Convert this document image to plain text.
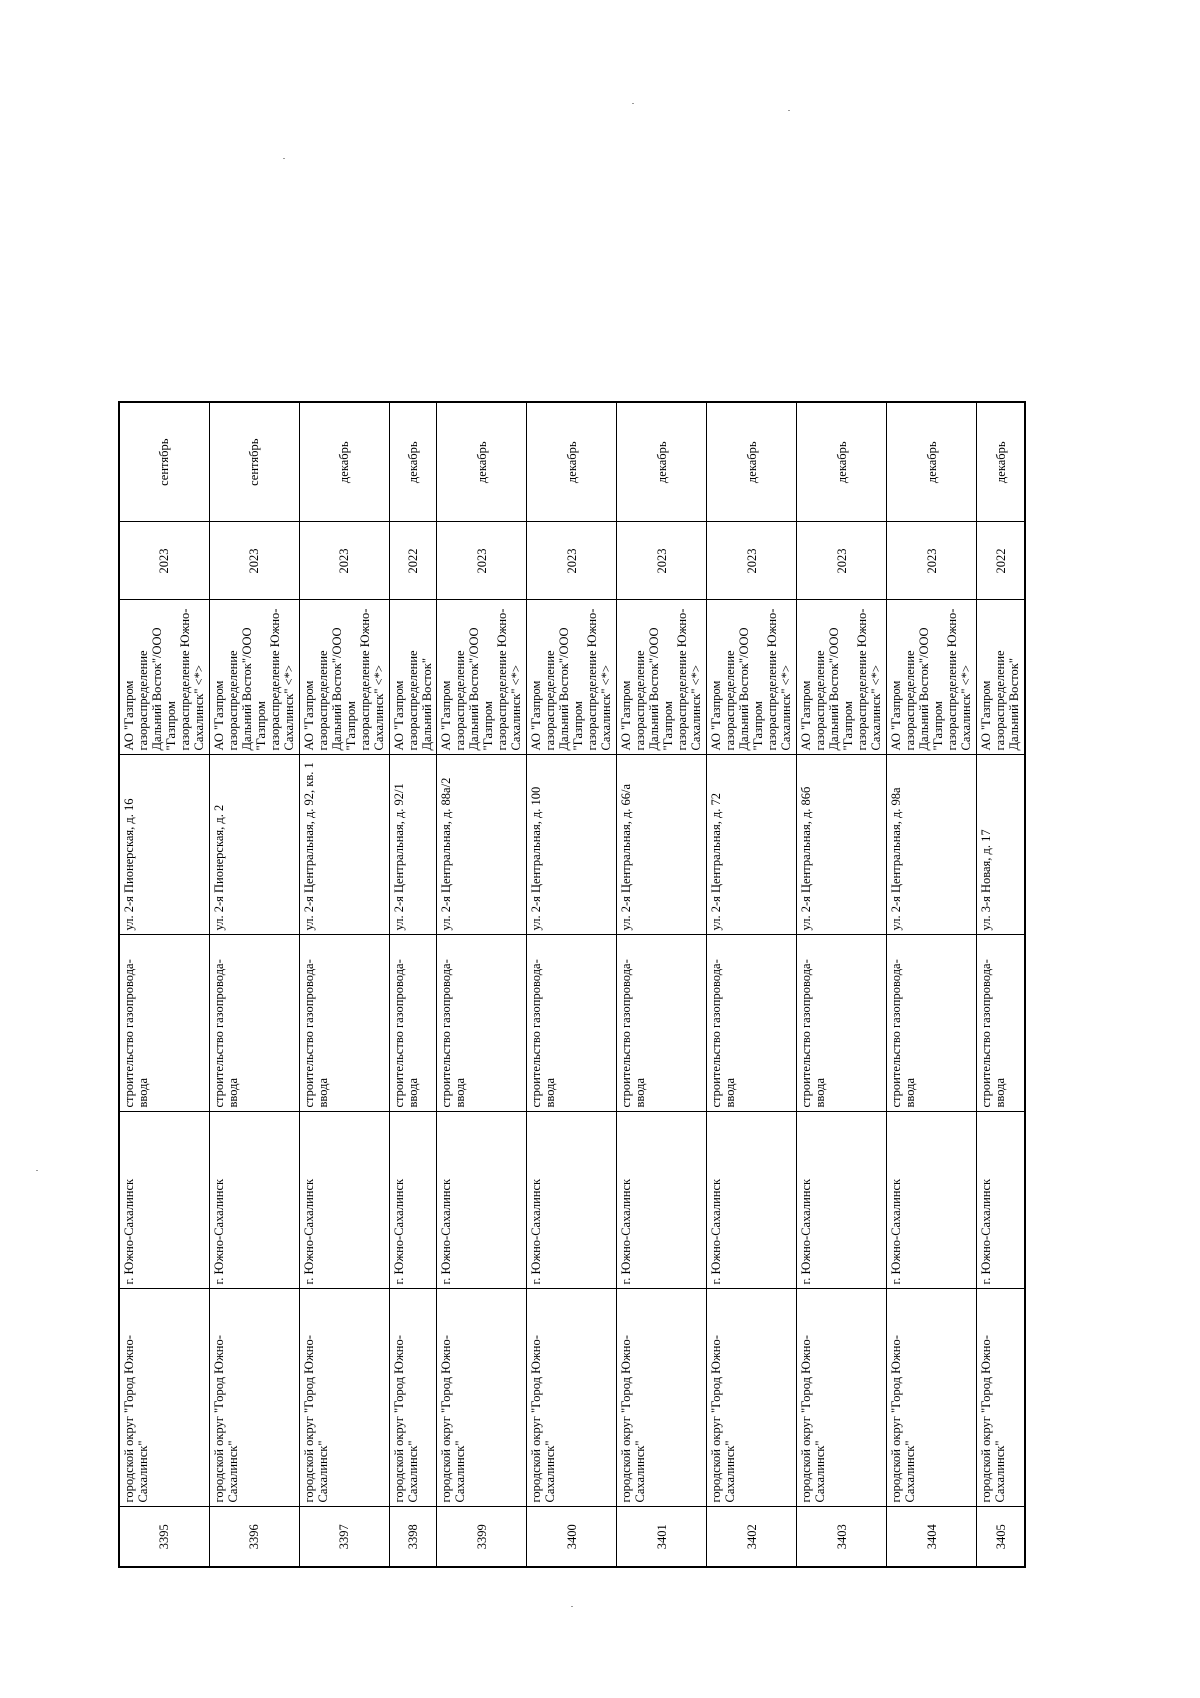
3395	городской округ "Город Южно-Сахалинск"	г. Южно-Сахалинск	строительство газопровода-ввода	ул. 2-я Пионерская, д. 16	АО "Газпром газораспределение Дальний Восток"/ООО "Газпром газораспределение Южно-Сахалинск" <*>	2023	сентябрь
3396	городской округ "Город Южно-Сахалинск"	г. Южно-Сахалинск	строительство газопровода-ввода	ул. 2-я Пионерская, д. 2	АО "Газпром газораспределение Дальний Восток"/ООО "Газпром газораспределение Южно-Сахалинск" <*>	2023	сентябрь
3397	городской округ "Город Южно-Сахалинск"	г. Южно-Сахалинск	строительство газопровода-ввода	ул. 2-я Центральная, д. 92, кв. 1	АО "Газпром газораспределение Дальний Восток"/ООО "Газпром газораспределение Южно-Сахалинск" <*>	2023	декабрь
3398	городской округ "Город Южно-Сахалинск"	г. Южно-Сахалинск	строительство газопровода-ввода	ул. 2-я Центральная, д. 92/1	АО "Газпром газораспределение Дальний Восток"	2022	декабрь
3399	городской округ "Город Южно-Сахалинск"	г. Южно-Сахалинск	строительство газопровода-ввода	ул. 2-я Центральная, д. 88а/2	АО "Газпром газораспределение Дальний Восток"/ООО "Газпром газораспределение Южно-Сахалинск" <*>	2023	декабрь
3400	городской округ "Город Южно-Сахалинск"	г. Южно-Сахалинск	строительство газопровода-ввода	ул. 2-я Центральная, д. 100	АО "Газпром газораспределение Дальний Восток"/ООО "Газпром газораспределение Южно-Сахалинск" <*>	2023	декабрь
3401	городской округ "Город Южно-Сахалинск"	г. Южно-Сахалинск	строительство газопровода-ввода	ул. 2-я Центральная, д. 66/а	АО "Газпром газораспределение Дальний Восток"/ООО "Газпром газораспределение Южно-Сахалинск" <*>	2023	декабрь
3402	городской округ "Город Южно-Сахалинск"	г. Южно-Сахалинск	строительство газопровода-ввода	ул. 2-я Центральная, д. 72	АО "Газпром газораспределение Дальний Восток"/ООО "Газпром газораспределение Южно-Сахалинск" <*>	2023	декабрь
3403	городской округ "Город Южно-Сахалинск"	г. Южно-Сахалинск	строительство газопровода-ввода	ул. 2-я Центральная, д. 86б	АО "Газпром газораспределение Дальний Восток"/ООО "Газпром газораспределение Южно-Сахалинск" <*>	2023	декабрь
3404	городской округ "Город Южно-Сахалинск"	г. Южно-Сахалинск	строительство газопровода-ввода	ул. 2-я Центральная, д. 98а	АО "Газпром газораспределение Дальний Восток"/ООО "Газпром газораспределение Южно-Сахалинск" <*>	2023	декабрь
3405	городской округ "Город Южно-Сахалинск"	г. Южно-Сахалинск	строительство газопровода-ввода	ул. 3-я Новая, д. 17	АО "Газпром газораспределение Дальний Восток"	2022	декабрь
